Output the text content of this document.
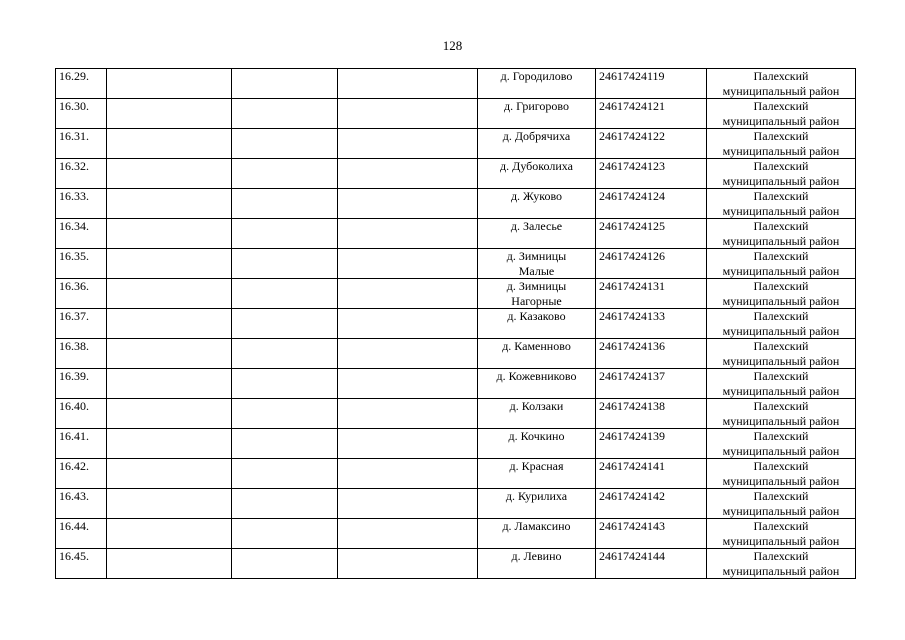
128
16.29.				д. Городилово	24617424119	Палехский
муниципальный район
16.30.				д. Григорово	24617424121	Палехский
муниципальный район
16.31.				д. Добрячиха	24617424122	Палехский
муниципальный район
16.32.				д. Дубоколиха	24617424123	Палехский
муниципальный район
16.33.				д. Жуково	24617424124	Палехский
муниципальный район
16.34.				д. Залесье	24617424125	Палехский
муниципальный район
16.35.				д. Зимницы
Малые	24617424126	Палехский
муниципальный район
16.36.				д. Зимницы
Нагорные	24617424131	Палехский
муниципальный район
16.37.				д. Казаково	24617424133	Палехский
муниципальный район
16.38.				д. Каменново	24617424136	Палехский
муниципальный район
16.39.				д. Кожевниково	24617424137	Палехский
муниципальный район
16.40.				д. Колзаки	24617424138	Палехский
муниципальный район
16.41.				д. Кочкино	24617424139	Палехский
муниципальный район
16.42.				д. Красная	24617424141	Палехский
муниципальный район
16.43.				д. Курилиха	24617424142	Палехский
муниципальный район
16.44.				д. Ламаксино	24617424143	Палехский
муниципальный район
16.45.				д. Левино	24617424144	Палехский
муниципальный район
